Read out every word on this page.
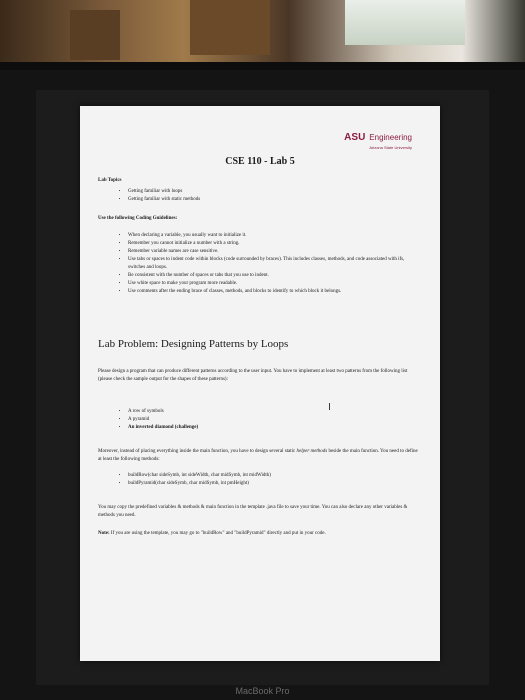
ASU Engineering
Arizona State University
CSE 110 - Lab 5
Lab Topics
• Getting familiar with loops
• Getting familiar with static methods
Use the following Coding Guidelines:
• When declaring a variable, you usually want to initialize it.
• Remember you cannot initialize a number with a string.
• Remember variable names are case sensitive.
• Use tabs or spaces to indent code within blocks (code surrounded by braces). This includes classes, methods, and code associated with ifs, switches and loops.
• Be consistent with the number of spaces or tabs that you use to indent.
• Use white space to make your program more readable.
• Use comments after the ending brace of classes, methods, and blocks to identify to which block it belongs.
Lab Problem: Designing Patterns by Loops
Please design a program that can produce different patterns according to the user input. You have to implement at least two patterns from the following list (please check the sample output for the shapes of these patterns):
• A row of symbols
• A pyramid
• An inverted diamond (challenge)
I
Moreover, instead of placing everything inside the main function, you have to design several static helper methods beside the main function. You need to define at least the following methods:
• buildRow(char sideSymb, int sideWidth, char midSymb, int midWidth)
• buildPyramid(char sideSymb, char midSymb, int pmHeight)
You may copy the predefined variables & methods & main function in the template .java file to save your time. You can also declare any other variables & methods you need.
Note: If you are using the template, you may go to "buildRow" and "buildPyramid" directly and put in your code.
MacBook Pro
